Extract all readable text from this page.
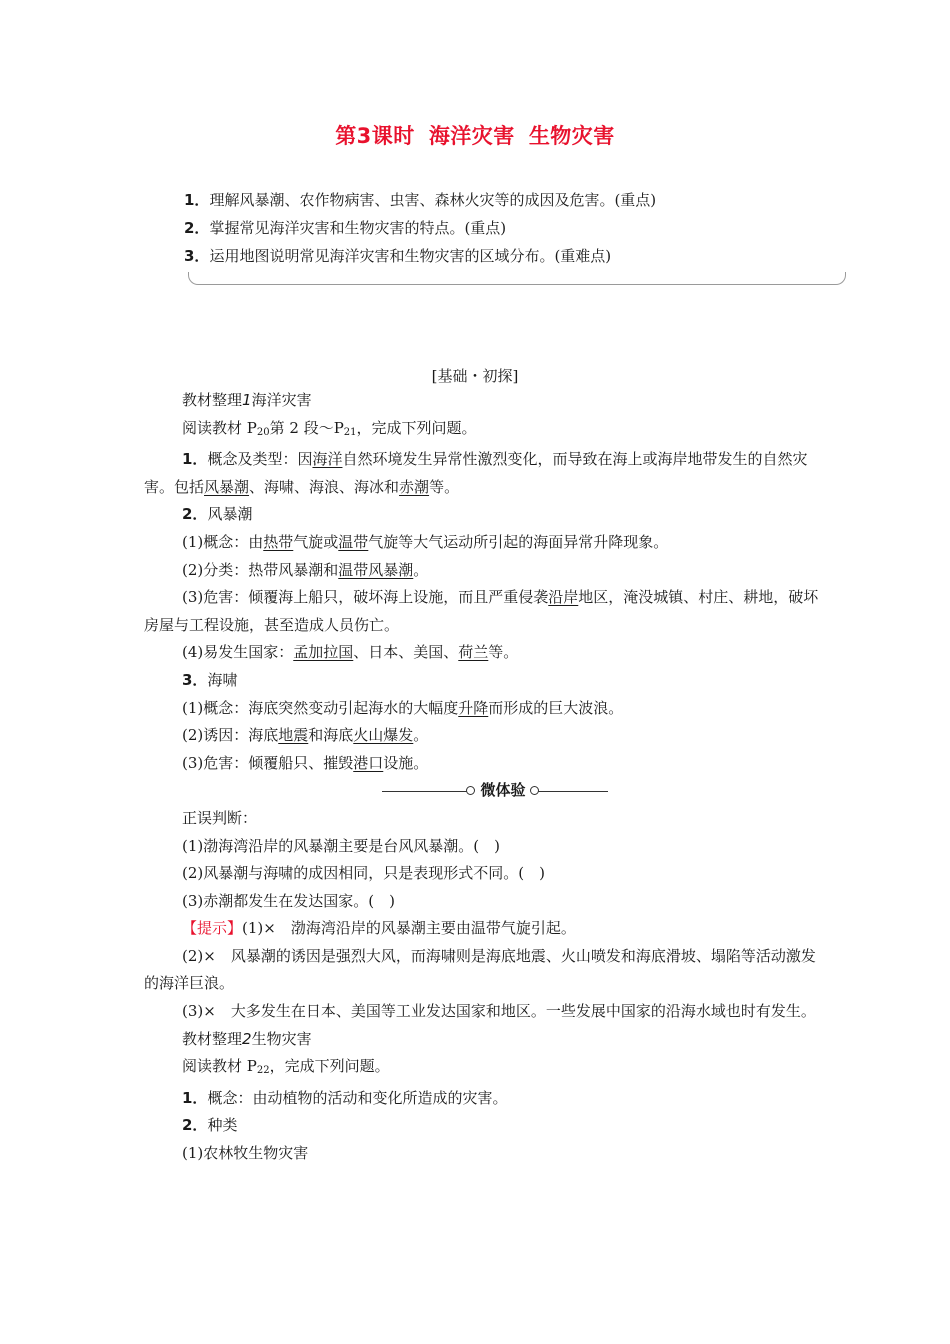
第3课时 海洋灾害 生物灾害
1．理解风暴潮、农作物病害、虫害、森林火灾等的成因及危害。(重点)
2．掌握常见海洋灾害和生物灾害的特点。(重点)
3．运用地图说明常见海洋灾害和生物灾害的区域分布。(重难点)
[基础・初探]

教材整理1海洋灾害

阅读教材 $P_{20}$第 2 段$\sim P_{21}$，完成下列问题。

1．概念及类型：因海洋自然环境发生异常性激烈变化，而导致在海上或海岸地带发生的自然灾害。包括风暴潮、海啸、海浪、海冰和赤潮等。

2．风暴潮

(1)概念：由热带气旋或温带气旋等大气运动所引起的海面异常升降现象。

(2)分类：热带风暴潮和温带风暴潮。

(3)危害：倾覆海上船只，破坏海上设施，而且严重侵袭沿岸地区，淹没城镇、村庄、耕地，破坏房屋与工程设施，甚至造成人员伤亡。

(4)易发生国家：孟加拉国、日本、美国、荷兰等。

3．海啸

(1)概念：海底突然变动引起海水的大幅度升降而形成的巨大波浪。

(2)诱因：海底地震和海底火山爆发。

(3)危害：倾覆船只、摧毁港口设施。

微体验

正误判断：

(1)渤海湾沿岸的风暴潮主要是台风风暴潮。(　)

(2)风暴潮与海啸的成因相同，只是表现形式不同。(　)

(3)赤潮都发生在发达国家。(　)

【提示】(1)×　渤海湾沿岸的风暴潮主要由温带气旋引起。

(2)×　风暴潮的诱因是强烈大风，而海啸则是海底地震、火山喷发和海底滑坡、塌陷等活动激发的海洋巨浪。

(3)×　大多发生在日本、美国等工业发达国家和地区。一些发展中国家的沿海水域也时有发生。

教材整理2生物灾害

阅读教材 $P_{22}$，完成下列问题。

1．概念：由动植物的活动和变化所造成的灾害。

2．种类

(1)农林牧生物灾害
